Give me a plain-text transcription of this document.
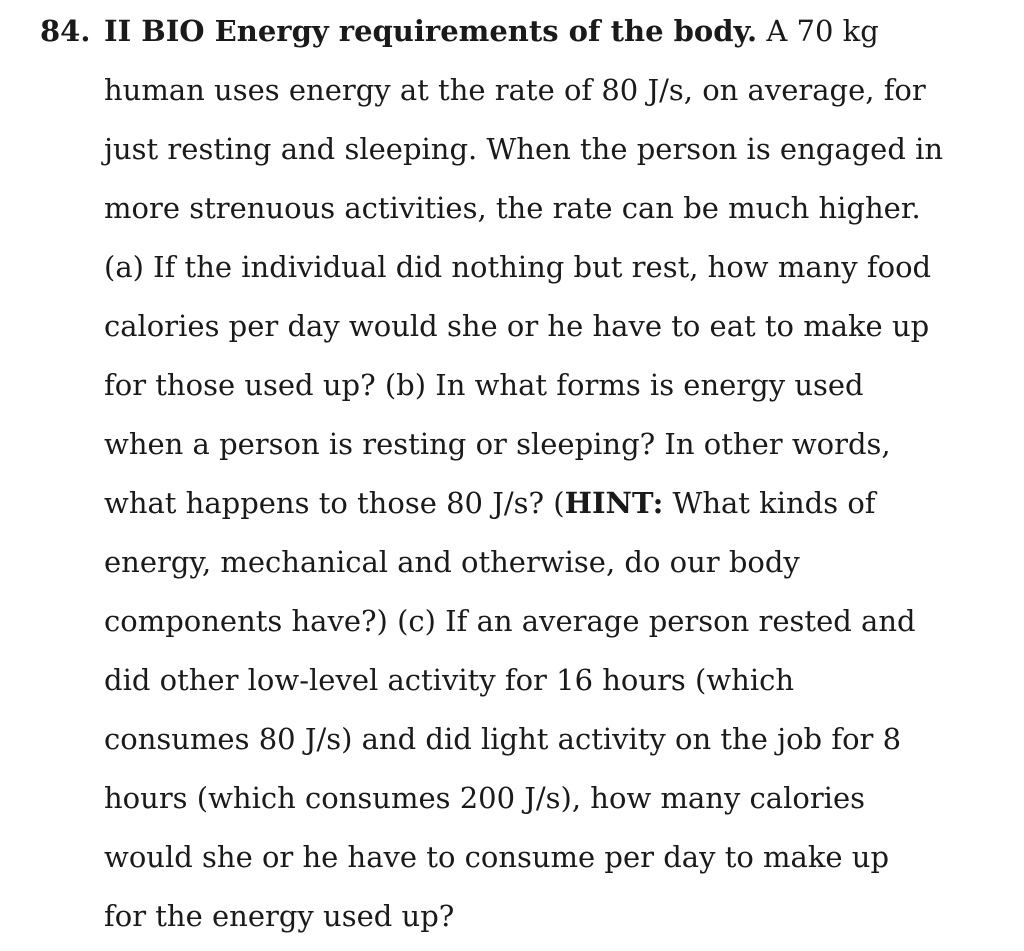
84. II BIO Energy requirements of the body. A 70 kg
human uses energy at the rate of 80 J/s, on average, for
just resting and sleeping. When the person is engaged in
more strenuous activities, the rate can be much higher.
(a) If the individual did nothing but rest, how many food
calories per day would she or he have to eat to make up
for those used up? (b) In what forms is energy used
when a person is resting or sleeping? In other words,
what happens to those 80 J/s? (HINT: What kinds of
energy, mechanical and otherwise, do our body
components have?) (c) If an average person rested and
did other low-level activity for 16 hours (which
consumes 80 J/s) and did light activity on the job for 8
hours (which consumes 200 J/s), how many calories
would she or he have to consume per day to make up
for the energy used up?
